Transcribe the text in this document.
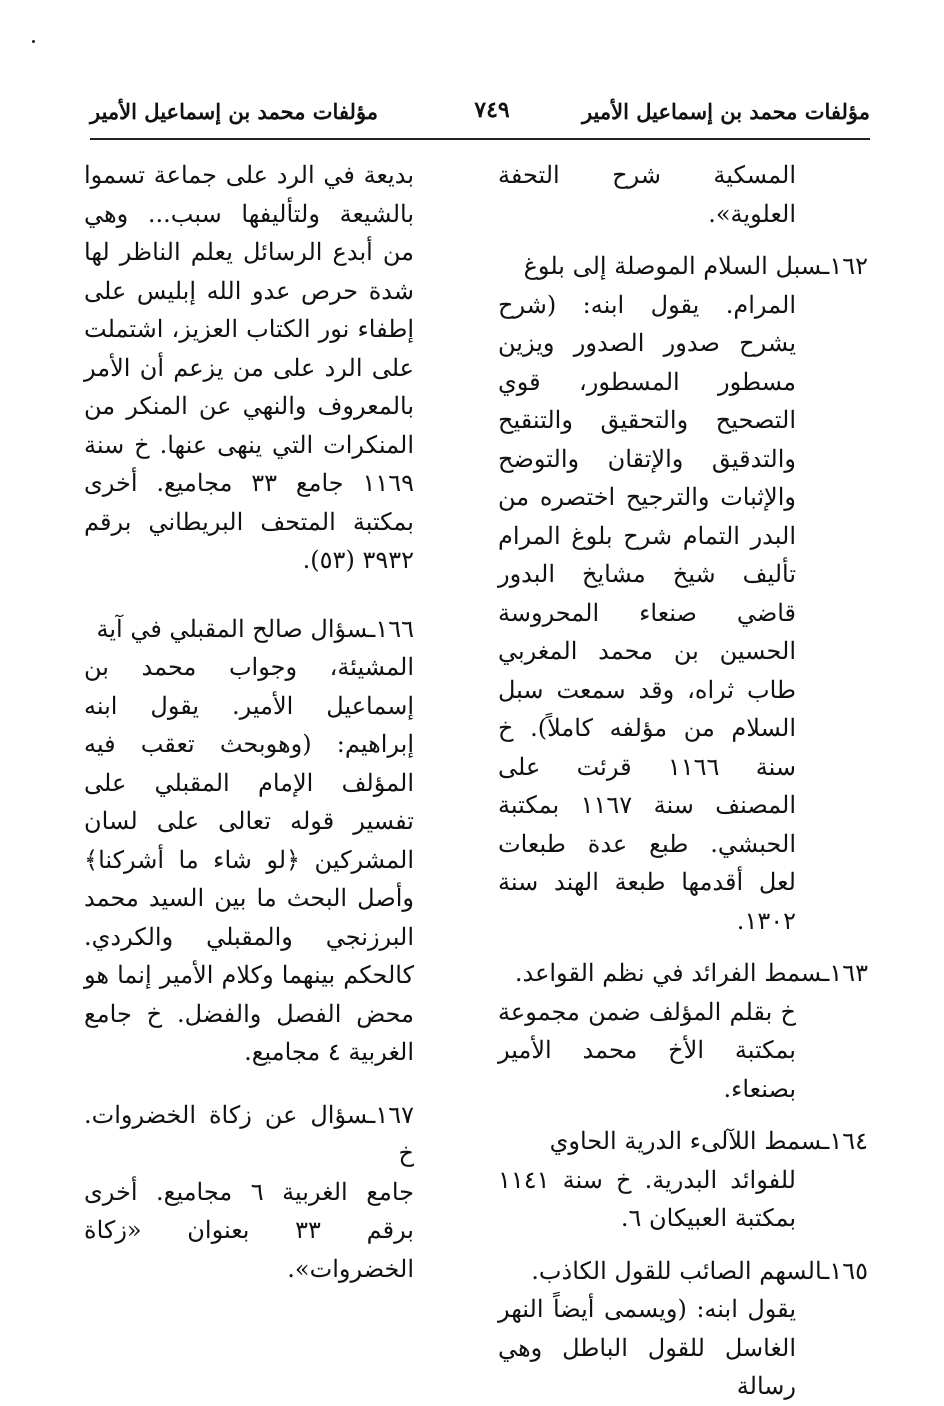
مؤلفات محمد بن إسماعيل الأمير
٧٤٩
مؤلفات محمد بن إسماعيل الأمير

المسكية شرح التحفة العلوية».

١٦٢ـسبل السلام الموصلة إلى بلوغ
المرام. يقول ابنه: (شرح يشرح صدور الصدور ويزين مسطور المسطور، قوي التصحيح والتحقيق والتنقيح والتدقيق والإتقان والتوضح والإثبات والترجيح اختصره من البدر التمام شرح بلوغ المرام تأليف شيخ مشايخ البدور قاضي صنعاء المحروسة الحسين بن محمد المغربي طاب ثراه، وقد سمعت سبل السلام من مؤلفه كاملاً). خ سنة ١١٦٦ قرئت على المصنف سنة ١١٦٧ بمكتبة الحبشي. طبع عدة طبعات لعل أقدمها طبعة الهند سنة ١٣٠٢.
١٦٣ـسمط الفرائد في نظم القواعد.
خ بقلم المؤلف ضمن مجموعة بمكتبة الأخ محمد الأمير بصنعاء.
١٦٤ـسمط اللآلىء الدرية الحاوي
للفوائد البدرية. خ سنة ١١٤١ بمكتبة العبيكان ٦.
١٦٥ـالسهم الصائب للقول الكاذب.
يقول ابنه: (ويسمى أيضاً النهر الغاسل للقول الباطل وهي رسالة

بديعة في الرد على جماعة تسموا بالشيعة ولتأليفها سبب... وهي من أبدع الرسائل يعلم الناظر لها شدة حرص عدو الله إبليس على إطفاء نور الكتاب العزيز، اشتملت على الرد على من يزعم أن الأمر بالمعروف والنهي عن المنكر من المنكرات التي ينهى عنها. خ سنة ١١٦٩ جامع ٣٣ مجاميع. أخرى بمكتبة المتحف البريطاني برقم ٣٩٣٢ (٥٣).

١٦٦ـسؤال صالح المقبلي في آية
المشيئة، وجواب محمد بن إسماعيل الأمير. يقول ابنه إبراهيم: (وهوبحث تعقب فيه المؤلف الإمام المقبلي على تفسير قوله تعالى على لسان المشركين ﴿لو شاء ما أشركنا﴾ وأصل البحث ما بين السيد محمد البرزنجي والمقبلي والكردي. كالحكم بينهما وكلام الأمير إنما هو محض الفصل والفضل. خ جامع الغربية ٤ مجاميع.
١٦٧ـسؤال عن زكاة الخضروات. خ
جامع الغربية ٦ مجاميع. أخرى برقم ٣٣ بعنوان «زكاة الخضروات».
